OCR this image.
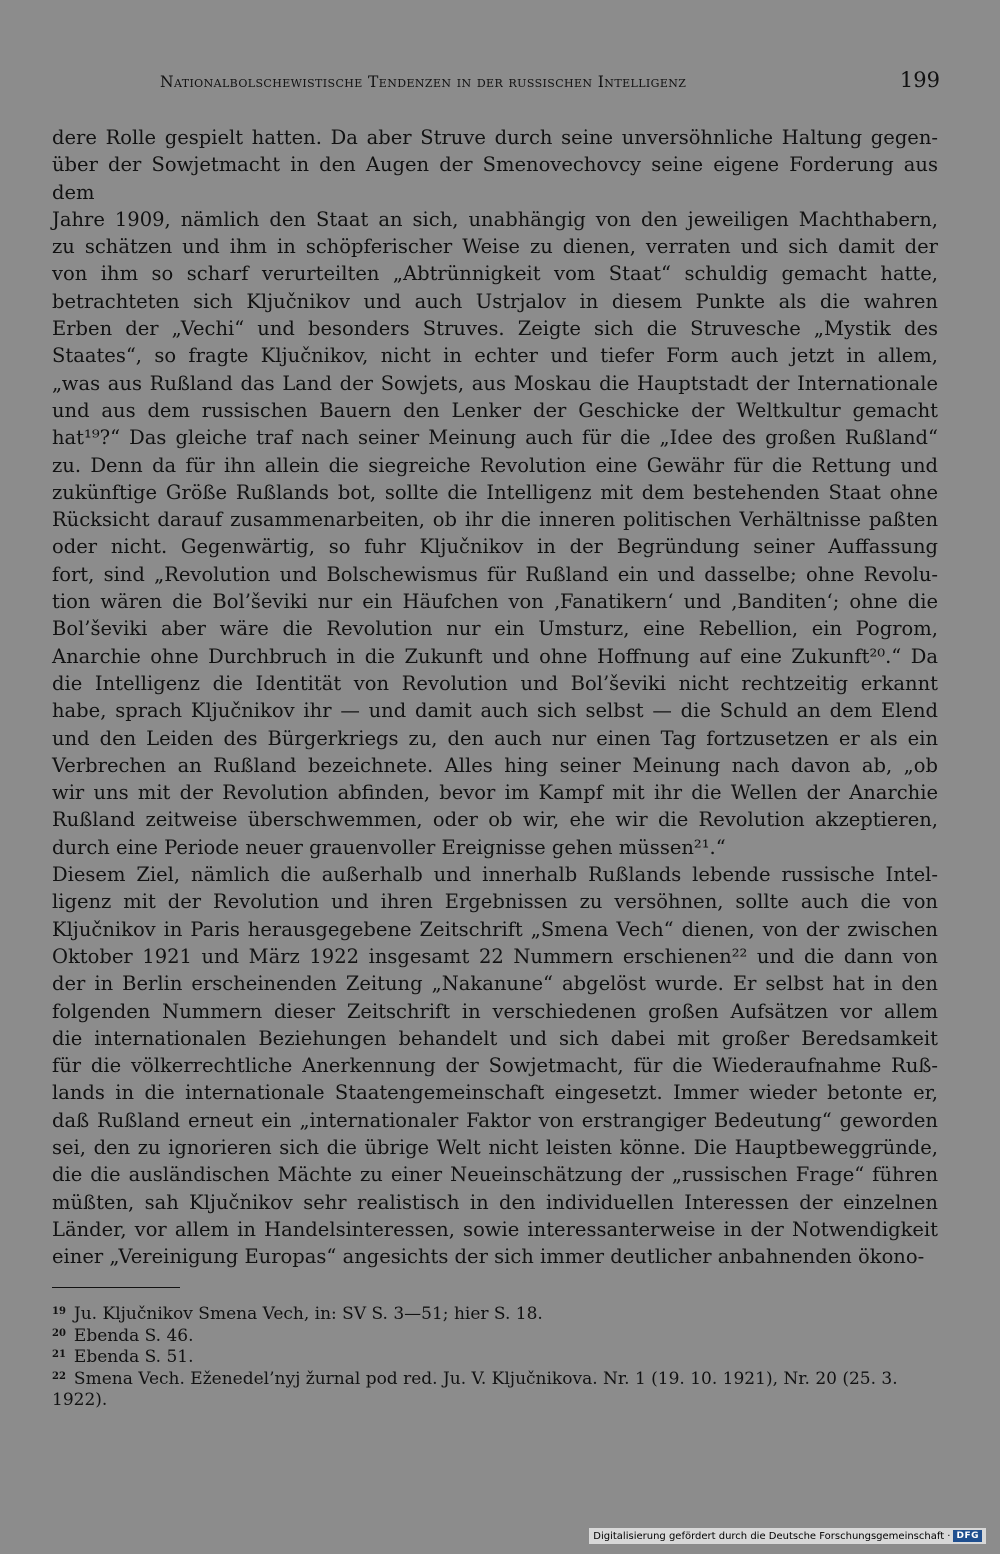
Nationalbolschewistische Tendenzen in der russischen Intelligenz	199
dere Rolle gespielt hatten. Da aber Struve durch seine unversöhnliche Haltung gegen-
über der Sowjetmacht in den Augen der Smenovechovcy seine eigene Forderung aus dem
Jahre 1909, nämlich den Staat an sich, unabhängig von den jeweiligen Machthabern,
zu schätzen und ihm in schöpferischer Weise zu dienen, verraten und sich damit der
von ihm so scharf verurteilten „Abtrünnigkeit vom Staat“ schuldig gemacht hatte,
betrachteten sich Ključnikov und auch Ustrjalov in diesem Punkte als die wahren
Erben der „Vechi“ und besonders Struves. Zeigte sich die Struvesche „Mystik des
Staates“, so fragte Ključnikov, nicht in echter und tiefer Form auch jetzt in allem,
„was aus Rußland das Land der Sowjets, aus Moskau die Hauptstadt der Internationale
und aus dem russischen Bauern den Lenker der Geschicke der Weltkultur gemacht
hat¹⁹?“ Das gleiche traf nach seiner Meinung auch für die „Idee des großen Rußland“
zu. Denn da für ihn allein die siegreiche Revolution eine Gewähr für die Rettung und
zukünftige Größe Rußlands bot, sollte die Intelligenz mit dem bestehenden Staat ohne
Rücksicht darauf zusammenarbeiten, ob ihr die inneren politischen Verhältnisse paßten
oder nicht. Gegenwärtig, so fuhr Ključnikov in der Begründung seiner Auffassung
fort, sind „Revolution und Bolschewismus für Rußland ein und dasselbe; ohne Revolu-
tion wären die Bol’ševiki nur ein Häufchen von ‚Fanatikern‘ und ‚Banditen‘; ohne die
Bol’ševiki aber wäre die Revolution nur ein Umsturz, eine Rebellion, ein Pogrom,
Anarchie ohne Durchbruch in die Zukunft und ohne Hoffnung auf eine Zukunft²⁰.“ Da
die Intelligenz die Identität von Revolution und Bol’ševiki nicht rechtzeitig erkannt
habe, sprach Ključnikov ihr — und damit auch sich selbst — die Schuld an dem Elend
und den Leiden des Bürgerkriegs zu, den auch nur einen Tag fortzusetzen er als ein
Verbrechen an Rußland bezeichnete. Alles hing seiner Meinung nach davon ab, „ob
wir uns mit der Revolution abfinden, bevor im Kampf mit ihr die Wellen der Anarchie
Rußland zeitweise überschwemmen, oder ob wir, ehe wir die Revolution akzeptieren,
durch eine Periode neuer grauenvoller Ereignisse gehen müssen²¹.“
Diesem Ziel, nämlich die außerhalb und innerhalb Rußlands lebende russische Intel-
ligenz mit der Revolution und ihren Ergebnissen zu versöhnen, sollte auch die von
Ključnikov in Paris herausgegebene Zeitschrift „Smena Vech“ dienen, von der zwischen
Oktober 1921 und März 1922 insgesamt 22 Nummern erschienen²² und die dann von
der in Berlin erscheinenden Zeitung „Nakanune“ abgelöst wurde. Er selbst hat in den
folgenden Nummern dieser Zeitschrift in verschiedenen großen Aufsätzen vor allem
die internationalen Beziehungen behandelt und sich dabei mit großer Beredsamkeit
für die völkerrechtliche Anerkennung der Sowjetmacht, für die Wiederaufnahme Ruß-
lands in die internationale Staatengemeinschaft eingesetzt. Immer wieder betonte er,
daß Rußland erneut ein „internationaler Faktor von erstrangiger Bedeutung“ geworden
sei, den zu ignorieren sich die übrige Welt nicht leisten könne. Die Hauptbeweggründe,
die die ausländischen Mächte zu einer Neueinschätzung der „russischen Frage“ führen
müßten, sah Ključnikov sehr realistisch in den individuellen Interessen der einzelnen
Länder, vor allem in Handelsinteressen, sowie interessanterweise in der Notwendigkeit
einer „Vereinigung Europas“ angesichts der sich immer deutlicher anbahnenden ökono-
$^{19}$ Ju. Ključnikov Smena Vech, in: SV S. 3—51; hier S. 18.
$^{20}$ Ebenda S. 46.
$^{21}$ Ebenda S. 51.
$^{22}$ Smena Vech. Eženedel’nyj žurnal pod red. Ju. V. Ključnikova. Nr. 1 (19. 10. 1921), Nr. 20 (25. 3. 1922).
Digitalisierung gefördert durch die Deutsche Forschungsgemeinschaft · DFG
